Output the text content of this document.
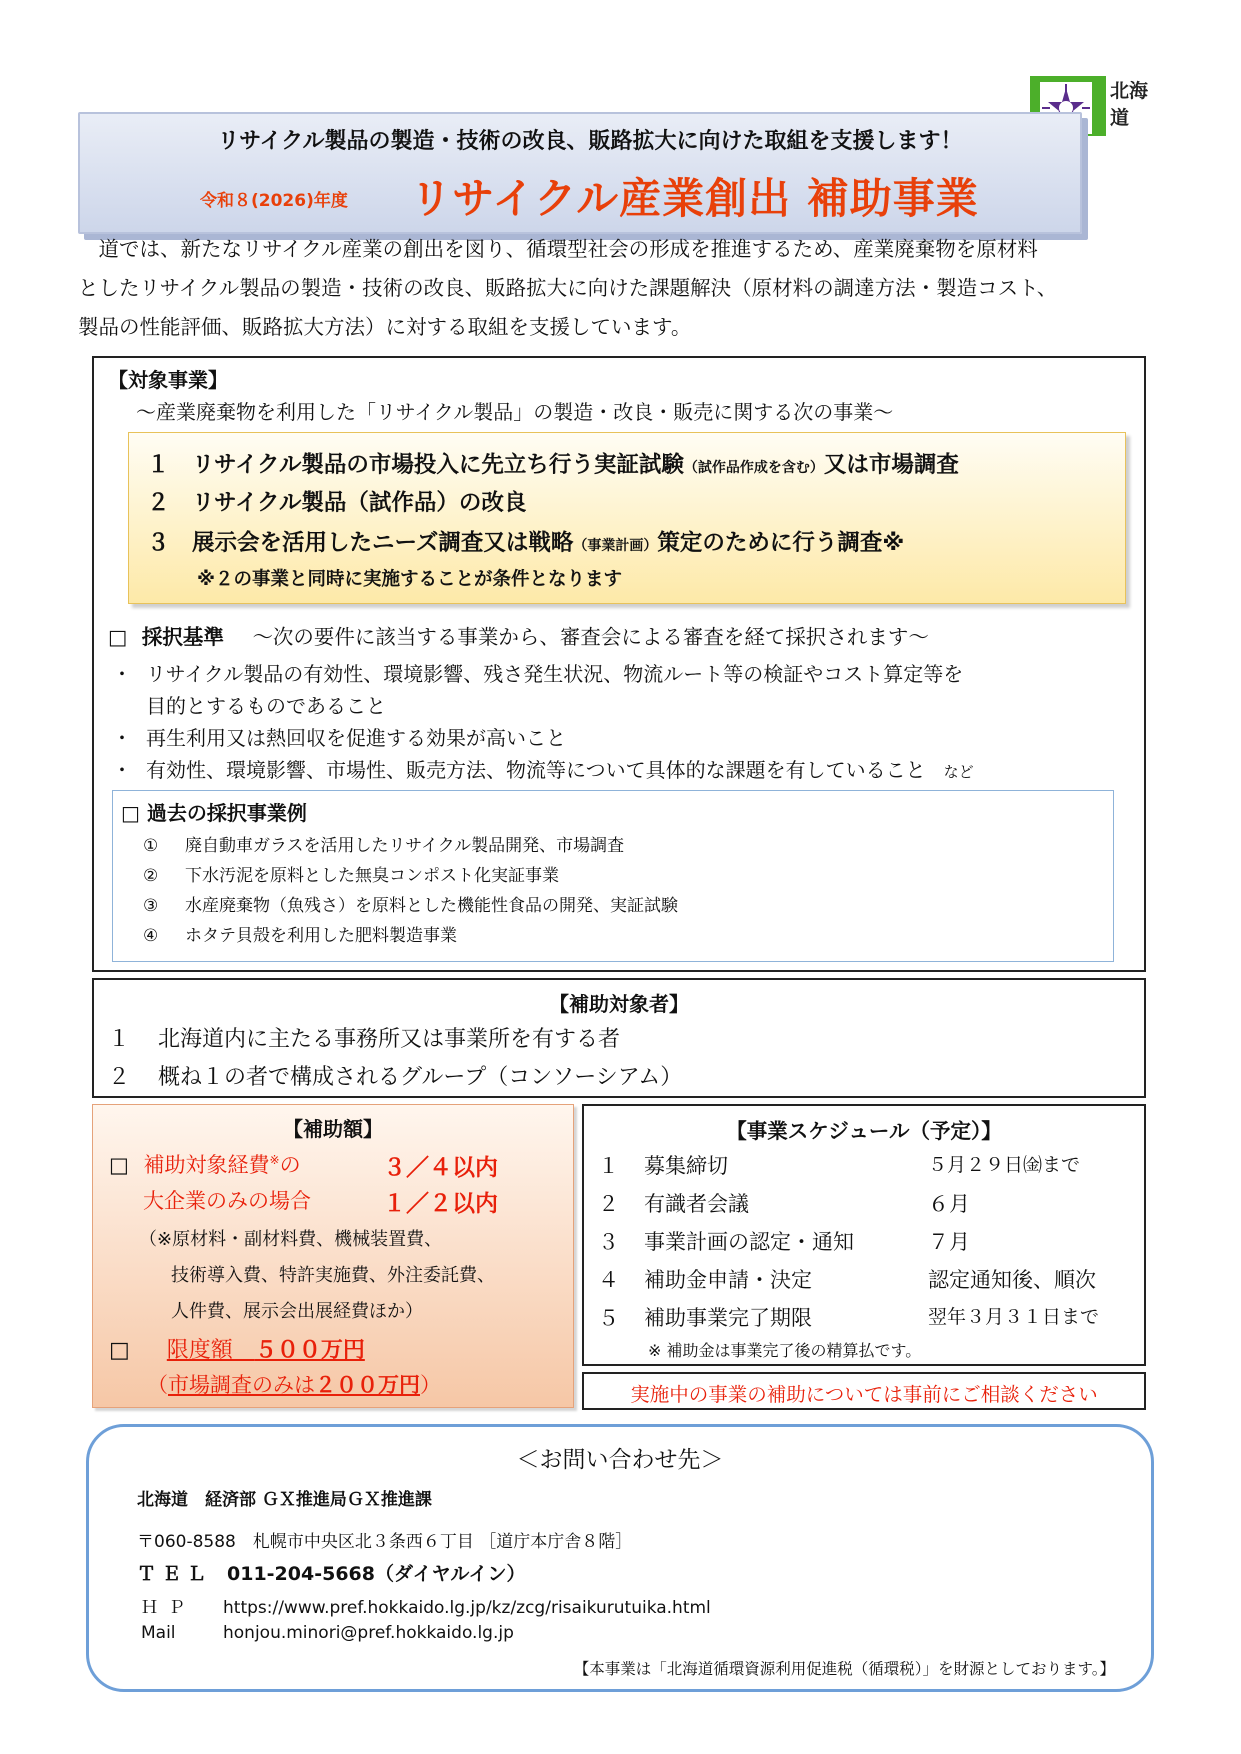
北海道
リサイクル製品の製造・技術の改良、販路拡大に向けた取組を支援します！
令和８(2026)年度 リサイクル産業創出 補助事業
　道では、新たなリサイクル産業の創出を図り、循環型社会の形成を推進するため、産業廃棄物を原材料
としたリサイクル製品の製造・技術の改良、販路拡大に向けた課題解決（原材料の調達方法・製造コスト、
製品の性能評価、販路拡大方法）に対する取組を支援しています。
【対象事業】
～産業廃棄物を利用した「リサイクル製品」の製造・改良・販売に関する次の事業～
１　リサイクル製品の市場投入に先立ち行う実証試験（試作品作成を含む）又は市場調査
２　リサイクル製品（試作品）の改良
３　展示会を活用したニーズ調査又は戦略（事業計画）策定のために行う調査※
※２の事業と同時に実施することが条件となります
□ 採択基準 ～次の要件に該当する事業から、審査会による審査を経て採択されます～
・ リサイクル製品の有効性、環境影響、残さ発生状況、物流ルート等の検証やコスト算定等を
目的とするものであること
・ 再生利用又は熱回収を促進する効果が高いこと
・ 有効性、環境影響、市場性、販売方法、物流等について具体的な課題を有していること など
□ 過去の採択事業例
① 廃自動車ガラスを活用したリサイクル製品開発、市場調査
② 下水汚泥を原料とした無臭コンポスト化実証事業
③ 水産廃棄物（魚残さ）を原料とした機能性食品の開発、実証試験
④ ホタテ貝殻を利用した肥料製造事業
【補助対象者】
１ 北海道内に主たる事務所又は事業所を有する者
２ 概ね１の者で構成されるグループ（コンソーシアム）
【補助額】
□ 補助対象経費※の	３／４以内
大企業のみの場合	１／２以内
（※原材料・副材料費、機械装置費、
技術導入費、特許実施費、外注委託費、
人件費、展示会出展経費ほか）
□ 限度額　５００万円
（市場調査のみは２００万円）
【事業スケジュール（予定）】
１ 募集締切	５月２９日㈮まで
２ 有識者会議	６月
３ 事業計画の認定・通知	７月
４ 補助金申請・決定	認定通知後、順次
５ 補助事業完了期限	翌年３月３１日まで
※ 補助金は事業完了後の精算払です。
実施中の事業の補助については事前にご相談ください
＜お問い合わせ先＞
北海道　経済部 ＧＸ推進局ＧＸ推進課
〒060-8588　札幌市中央区北３条西６丁目 ［道庁本庁舎８階］
ＴＥＬ 011-204-5668（ダイヤルイン）
ＨＰ https://www.pref.hokkaido.lg.jp/kz/zcg/risaikurutuika.html
Mail	honjou.minori@pref.hokkaido.lg.jp
【本事業は「北海道循環資源利用促進税（循環税）」を財源としております。】
